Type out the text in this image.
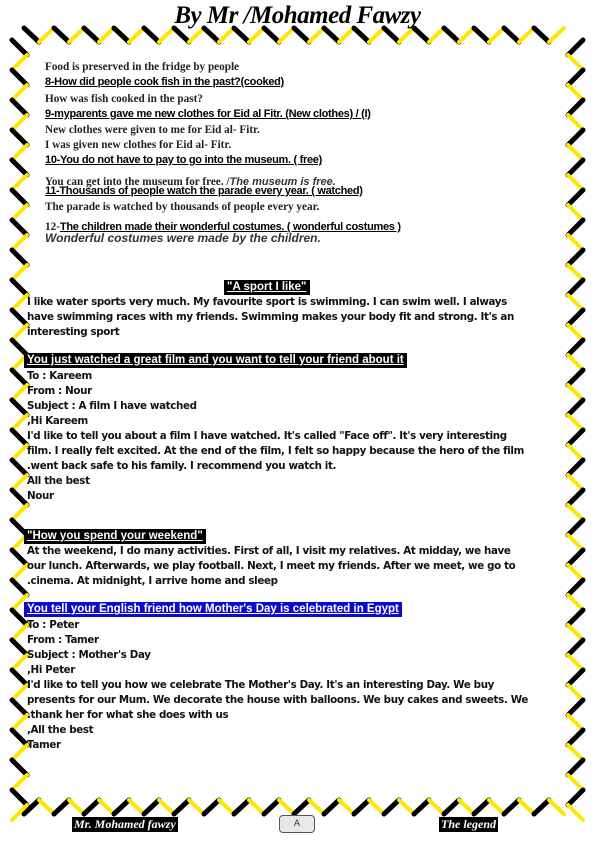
By Mr /Mohamed Fawzy
Food is preserved in the fridge by people
8-How did people cook fish in the past?(cooked)
How was fish cooked in the past?
9-myparents gave me new clothes for Eid al Fitr. (New clothes) / (I)
New clothes were given to me for Eid al- Fitr.
I was given new clothes for Eid al- Fitr.
10-You do not have to pay to go into the museum. ( free)
You can get into the museum for free. /The museum is free.
11-Thousands of people watch the parade every year. ( watched)
The parade is watched by thousands of people every year.
12-The children made their wonderful costumes. ( wonderful costumes )
Wonderful costumes were made by the children.
"A sport I like"
I like water sports very much. My favourite sport is swimming. I can swim well. I always
have swimming races with my friends. Swimming makes your body fit and strong. It's an
interesting sport
You just watched a great film and you want to tell your friend about it
To : Kareem
From : Nour
Subject : A film I have watched
,Hi Kareem
I'd like to tell you about a film I have watched. It's called "Face off". It's very interesting
film. I really felt excited. At the end of the film, I felt so happy because the hero of the film
.went back safe to his family. I recommend you watch it.
All the best
Nour
"How you spend your weekend"
At the weekend, I do many activities. First of all, I visit my relatives. At midday, we have
our lunch. Afterwards, we play football. Next, I meet my friends. After we meet, we go to
.cinema. At midnight, I arrive home and sleep
You tell your English friend how Mother's Day is celebrated in Egypt
To : Peter
From : Tamer
Subject : Mother's Day
,Hi Peter
I'd like to tell you how we celebrate The Mother's Day. It's an interesting Day. We buy
presents for our Mum. We decorate the house with balloons. We buy cakes and sweets. We
.thank her for what she does with us
,All the best
Tamer
Mr. Mohamed fawzy	A	The legend
